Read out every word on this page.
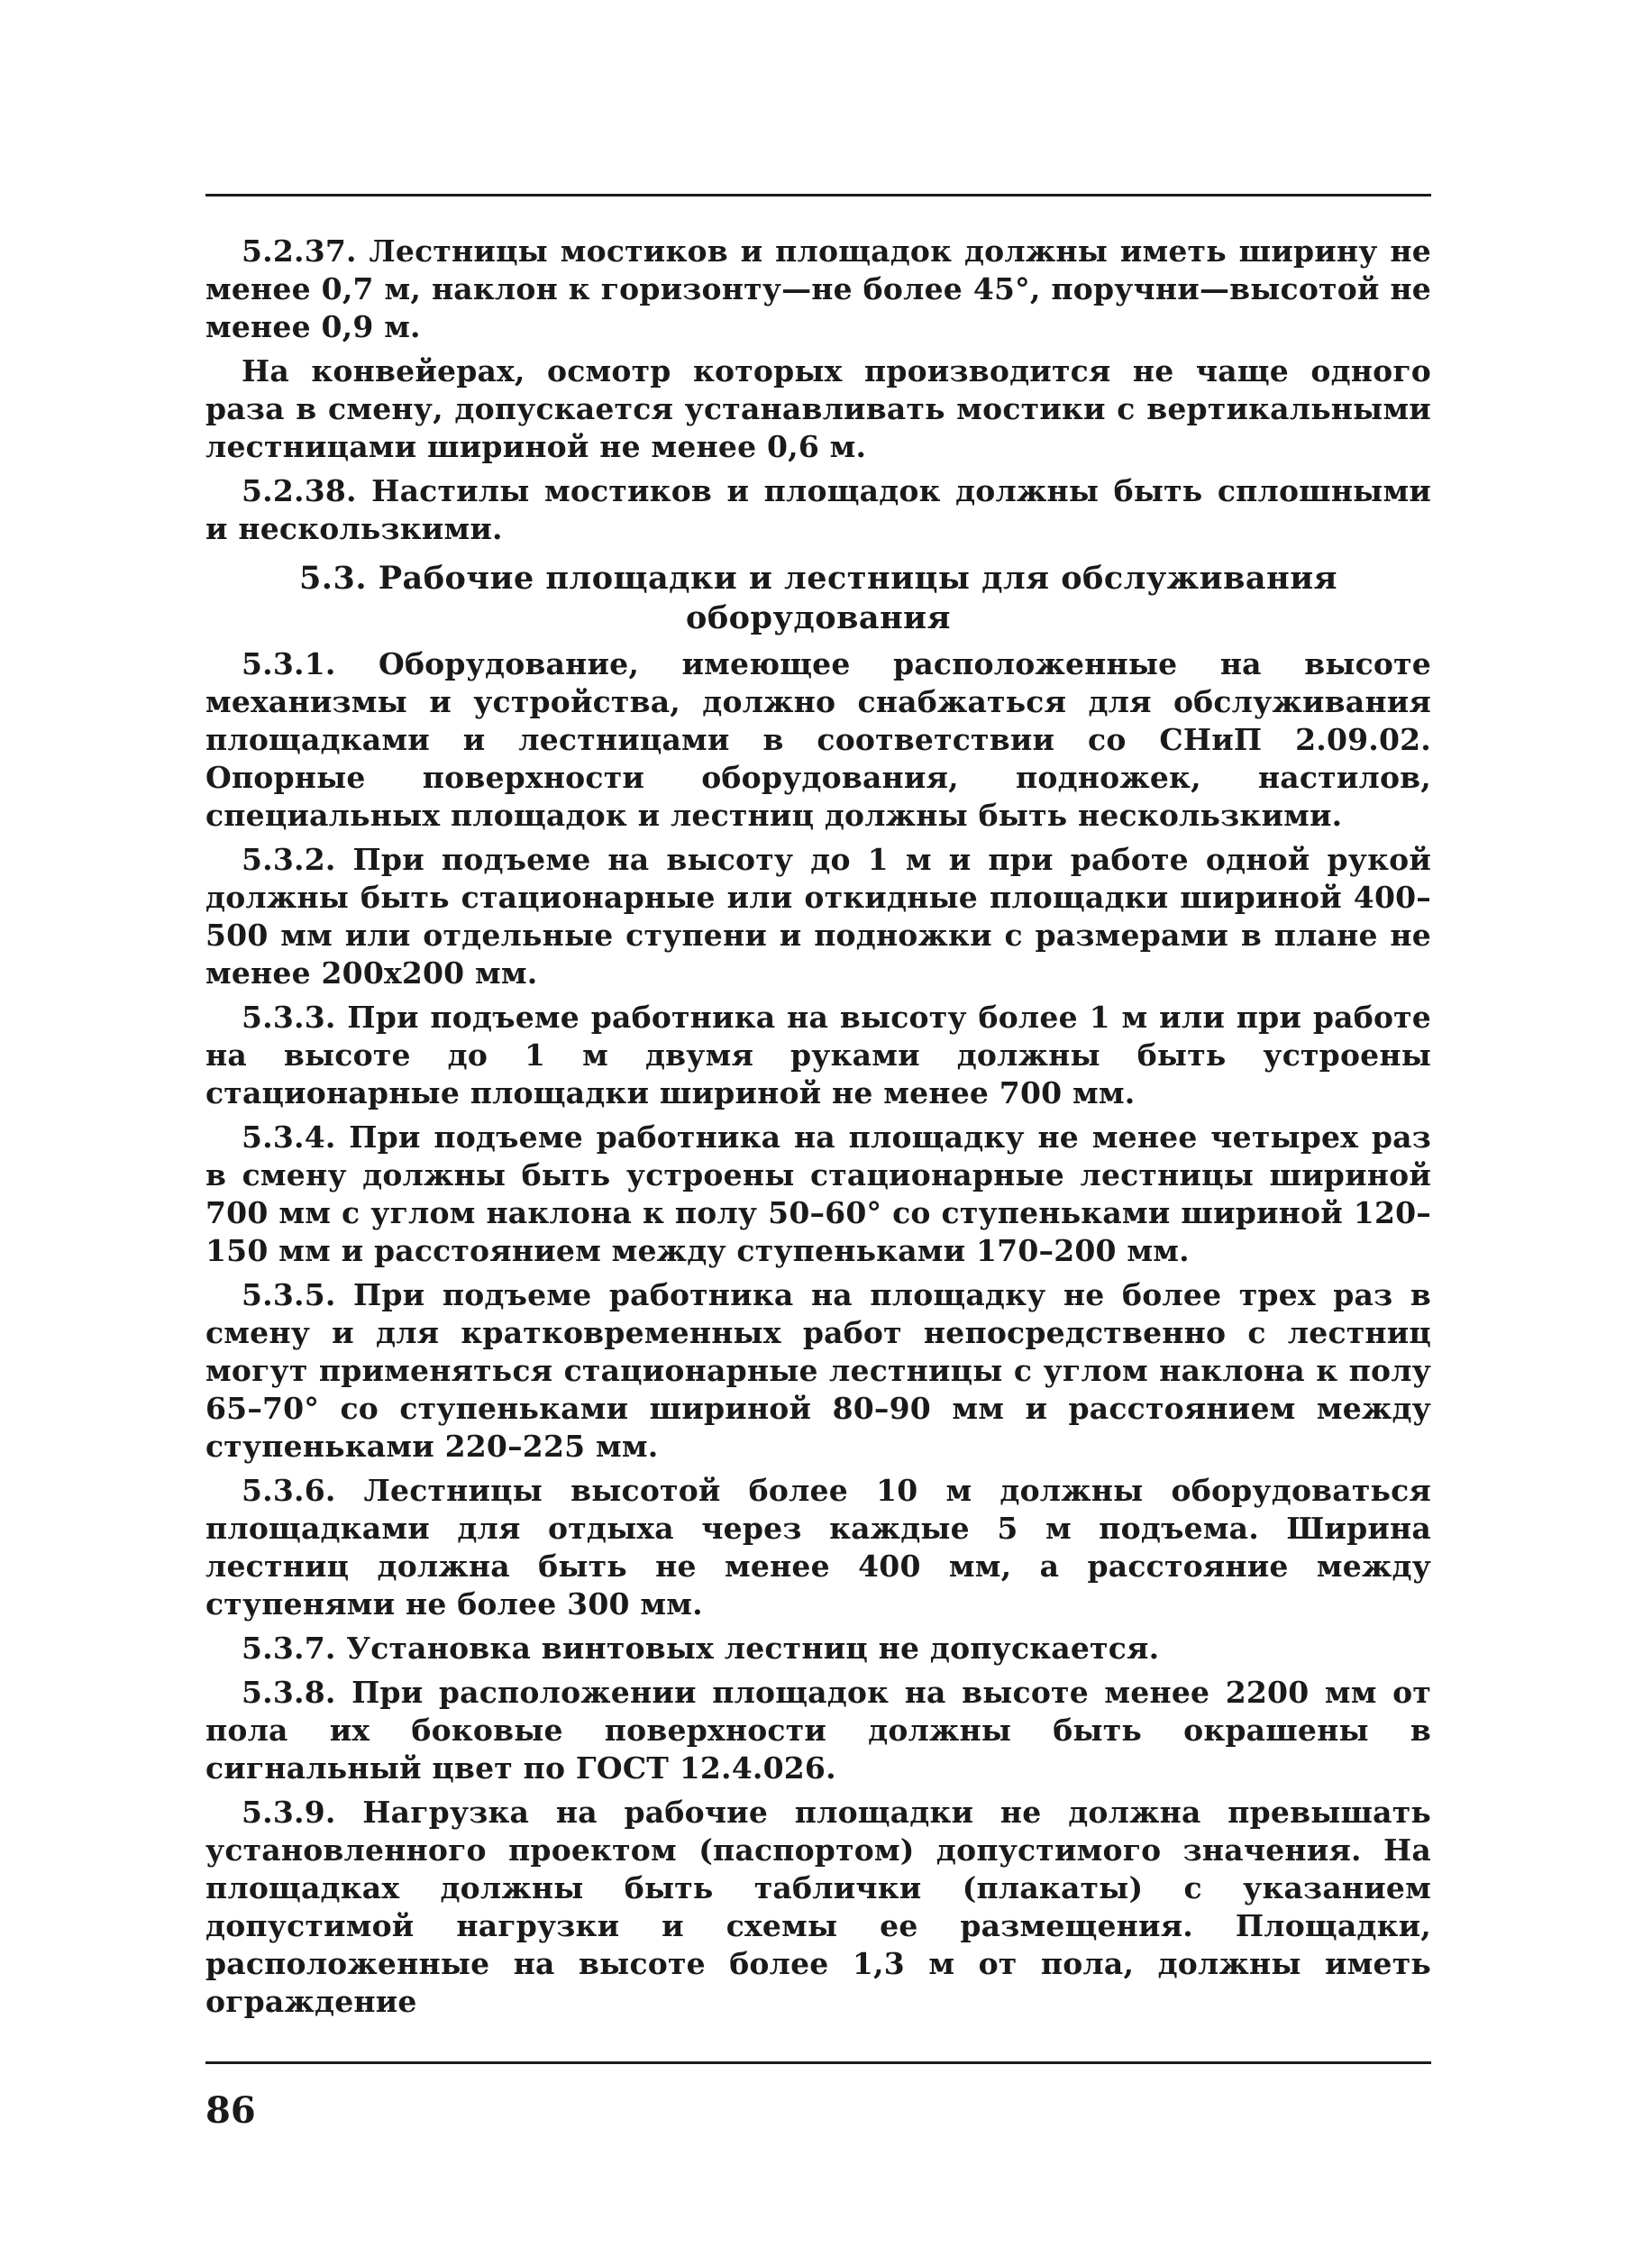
5.2.37. Лестницы мостиков и площадок должны иметь ширину не менее 0,7 м, наклон к горизонту—не более 45°, поручни—высотой не менее 0,9 м.

На конвейерах, осмотр которых производится не чаще одного раза в смену, допускается устанавливать мостики с вертикальными лестницами шириной не менее 0,6 м.

5.2.38. Настилы мостиков и площадок должны быть сплошными и нескользкими.

5.3. Рабочие площадки и лестницы для обслуживания оборудования

5.3.1. Оборудование, имеющее расположенные на высоте механизмы и устройства, должно снабжаться для обслуживания площадками и лестницами в соответствии со СНиП 2.09.02. Опорные поверхности оборудования, подножек, настилов, специальных площадок и лестниц должны быть нескользкими.

5.3.2. При подъеме на высоту до 1 м и при работе одной рукой должны быть стационарные или откидные площадки шириной 400–500 мм или отдельные ступени и подножки с размерами в плане не менее 200х200 мм.

5.3.3. При подъеме работника на высоту более 1 м или при работе на высоте до 1 м двумя руками должны быть устроены стационарные площадки шириной не менее 700 мм.

5.3.4. При подъеме работника на площадку не менее четырех раз в смену должны быть устроены стационарные лестницы шириной 700 мм с углом наклона к полу 50–60° со ступеньками шириной 120–150 мм и расстоянием между ступеньками 170–200 мм.

5.3.5. При подъеме работника на площадку не более трех раз в смену и для кратковременных работ непосредственно с лестниц могут применяться стационарные лестницы с углом наклона к полу 65–70° со ступеньками шириной 80–90 мм и расстоянием между ступеньками 220–225 мм.

5.3.6. Лестницы высотой более 10 м должны оборудоваться площадками для отдыха через каждые 5 м подъема. Ширина лестниц должна быть не менее 400 мм, а расстояние между ступенями не более 300 мм.

5.3.7. Установка винтовых лестниц не допускается.

5.3.8. При расположении площадок на высоте менее 2200 мм от пола их боковые поверхности должны быть окрашены в сигнальный цвет по ГОСТ 12.4.026.

5.3.9. Нагрузка на рабочие площадки не должна превышать установленного проектом (паспортом) допустимого значения. На площадках должны быть таблички (плакаты) с указанием допустимой нагрузки и схемы ее размещения. Площадки, расположенные на высоте более 1,3 м от пола, должны иметь ограждение

86
